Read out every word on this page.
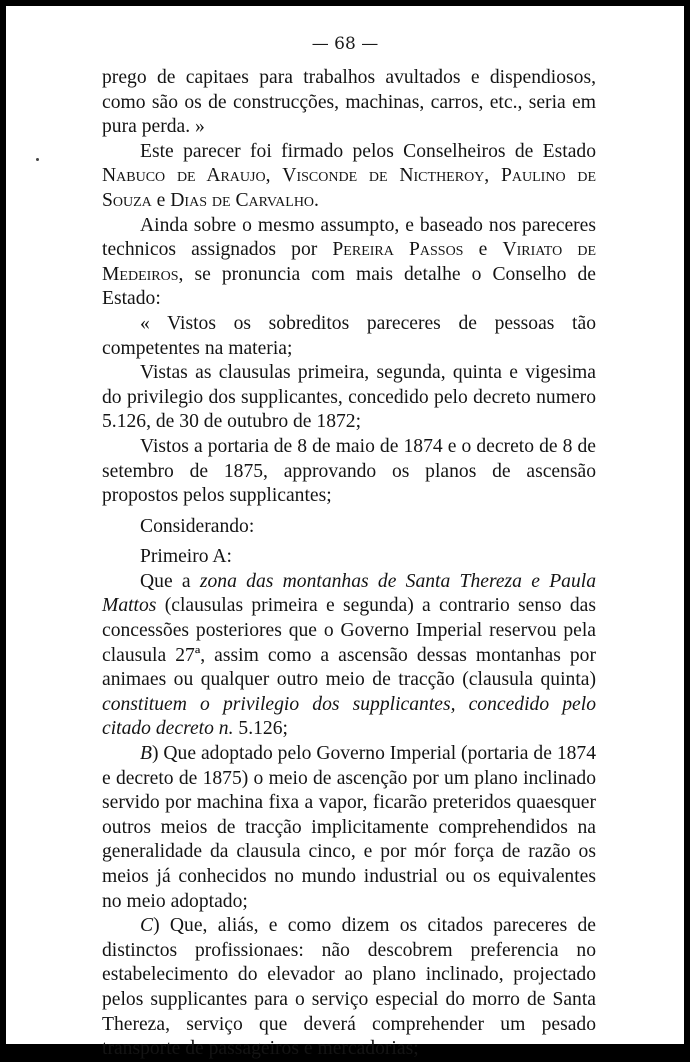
— 68 —

prego de capitaes para trabalhos avultados e dispendiosos, como são os de construcções, machinas, carros, etc., seria em pura perda. »

Este parecer foi firmado pelos Conselheiros de Estado Nabuco de Araujo, Visconde de Nictheroy, Paulino de Souza e Dias de Carvalho.

Ainda sobre o mesmo assumpto, e baseado nos pareceres technicos assignados por Pereira Passos e Viriato de Medeiros, se pronuncia com mais detalhe o Conselho de Estado:

« Vistos os sobreditos pareceres de pessoas tão competentes na materia;

Vistas as clausulas primeira, segunda, quinta e vigesima do privilegio dos supplicantes, concedido pelo decreto numero 5.126, de 30 de outubro de 1872;

Vistos a portaria de 8 de maio de 1874 e o decreto de 8 de setembro de 1875, approvando os planos de ascensão propostos pelos supplicantes;

Considerando:

Primeiro A:

Que a zona das montanhas de Santa Thereza e Paula Mattos (clausulas primeira e segunda) a contrario senso das concessões posteriores que o Governo Imperial reservou pela clausula 27ª, assim como a ascensão dessas montanhas por animaes ou qualquer outro meio de tracção (clausula quinta) constituem o privilegio dos supplicantes, concedido pelo citado decreto n. 5.126;

B) Que adoptado pelo Governo Imperial (portaria de 1874 e decreto de 1875) o meio de ascenção por um plano inclinado servido por machina fixa a vapor, ficarão preteridos quaesquer outros meios de tracção implicitamente comprehendidos na generalidade da clausula cinco, e por mór força de razão os meios já conhecidos no mundo industrial ou os equivalentes no meio adoptado;

C) Que, aliás, e como dizem os citados pareceres de distinctos profissionaes: não descobrem preferencia no estabelecimento do elevador ao plano inclinado, projectado pelos supplicantes para o serviço especial do morro de Santa Thereza, serviço que deverá comprehender um pesado transporte de passageiros e mercadorias;
